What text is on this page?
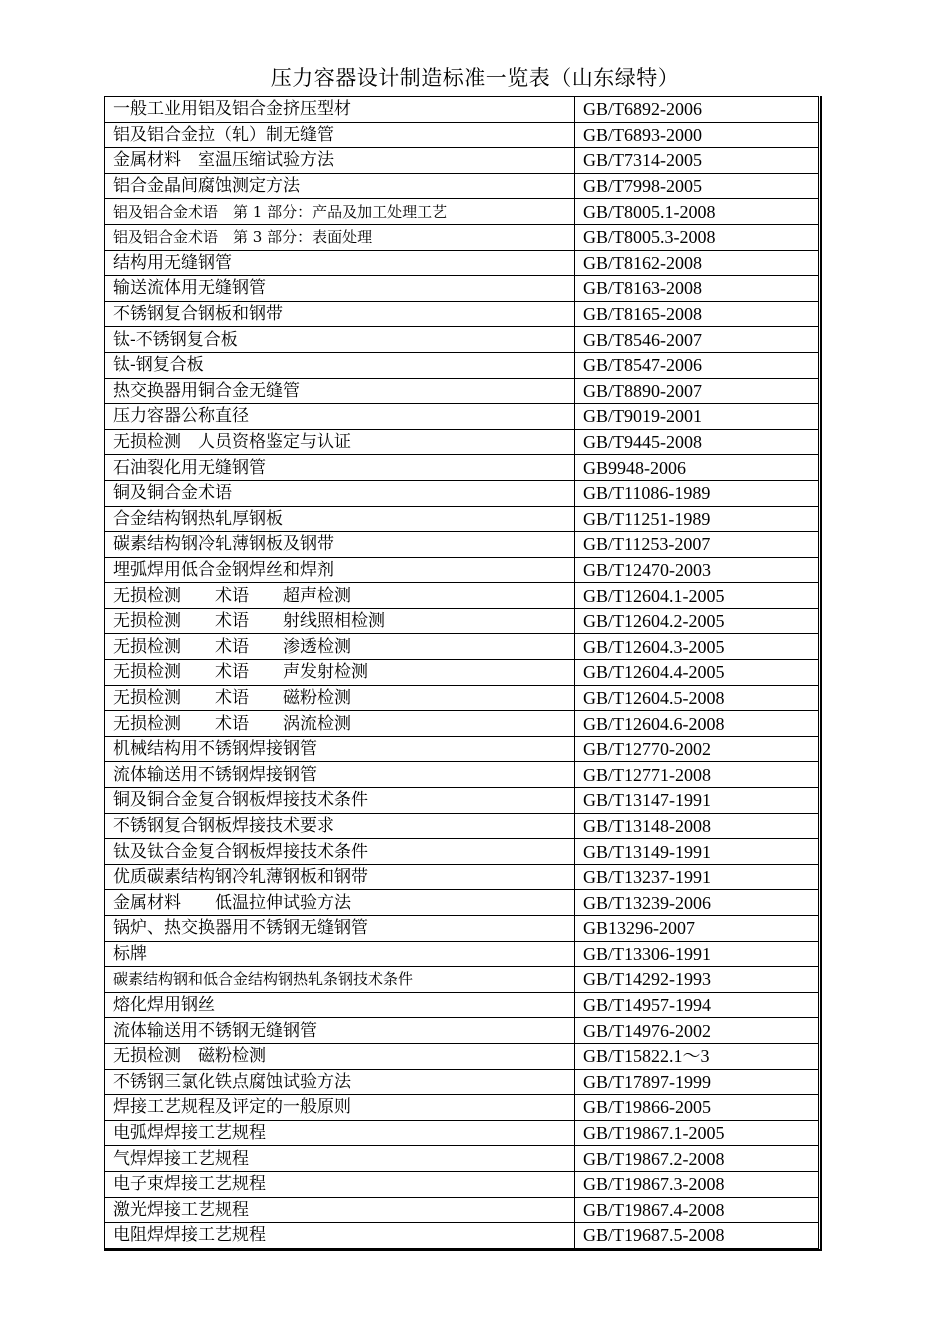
压力容器设计制造标准一览表（山东绿特）
一般工业用铝及铝合金挤压型材	GB/T6892-2006
铝及铝合金拉（轧）制无缝管	GB/T6893-2000
金属材料　室温压缩试验方法	GB/T7314-2005
铝合金晶间腐蚀测定方法	GB/T7998-2005
铝及铝合金术语　第 1 部分：产品及加工处理工艺	GB/T8005.1-2008
铝及铝合金术语　第 3 部分：表面处理	GB/T8005.3-2008
结构用无缝钢管	GB/T8162-2008
输送流体用无缝钢管	GB/T8163-2008
不锈钢复合钢板和钢带	GB/T8165-2008
钛-不锈钢复合板	GB/T8546-2007
钛-钢复合板	GB/T8547-2006
热交换器用铜合金无缝管	GB/T8890-2007
压力容器公称直径	GB/T9019-2001
无损检测　人员资格鉴定与认证	GB/T9445-2008
石油裂化用无缝钢管	GB9948-2006
铜及铜合金术语	GB/T11086-1989
合金结构钢热轧厚钢板	GB/T11251-1989
碳素结构钢冷轧薄钢板及钢带	GB/T11253-2007
埋弧焊用低合金钢焊丝和焊剂	GB/T12470-2003
无损检测　　术语　　超声检测	GB/T12604.1-2005
无损检测　　术语　　射线照相检测	GB/T12604.2-2005
无损检测　　术语　　渗透检测	GB/T12604.3-2005
无损检测　　术语　　声发射检测	GB/T12604.4-2005
无损检测　　术语　　磁粉检测	GB/T12604.5-2008
无损检测　　术语　　涡流检测	GB/T12604.6-2008
机械结构用不锈钢焊接钢管	GB/T12770-2002
流体输送用不锈钢焊接钢管	GB/T12771-2008
铜及铜合金复合钢板焊接技术条件	GB/T13147-1991
不锈钢复合钢板焊接技术要求	GB/T13148-2008
钛及钛合金复合钢板焊接技术条件	GB/T13149-1991
优质碳素结构钢冷轧薄钢板和钢带	GB/T13237-1991
金属材料　　低温拉伸试验方法	GB/T13239-2006
锅炉、热交换器用不锈钢无缝钢管	GB13296-2007
标牌	GB/T13306-1991
碳素结构钢和低合金结构钢热轧条钢技术条件	GB/T14292-1993
熔化焊用钢丝	GB/T14957-1994
流体输送用不锈钢无缝钢管	GB/T14976-2002
无损检测　磁粉检测	GB/T15822.1～3
不锈钢三氯化铁点腐蚀试验方法	GB/T17897-1999
焊接工艺规程及评定的一般原则	GB/T19866-2005
电弧焊焊接工艺规程	GB/T19867.1-2005
气焊焊接工艺规程	GB/T19867.2-2008
电子束焊接工艺规程	GB/T19867.3-2008
激光焊接工艺规程	GB/T19867.4-2008
电阻焊焊接工艺规程	GB/T19687.5-2008
